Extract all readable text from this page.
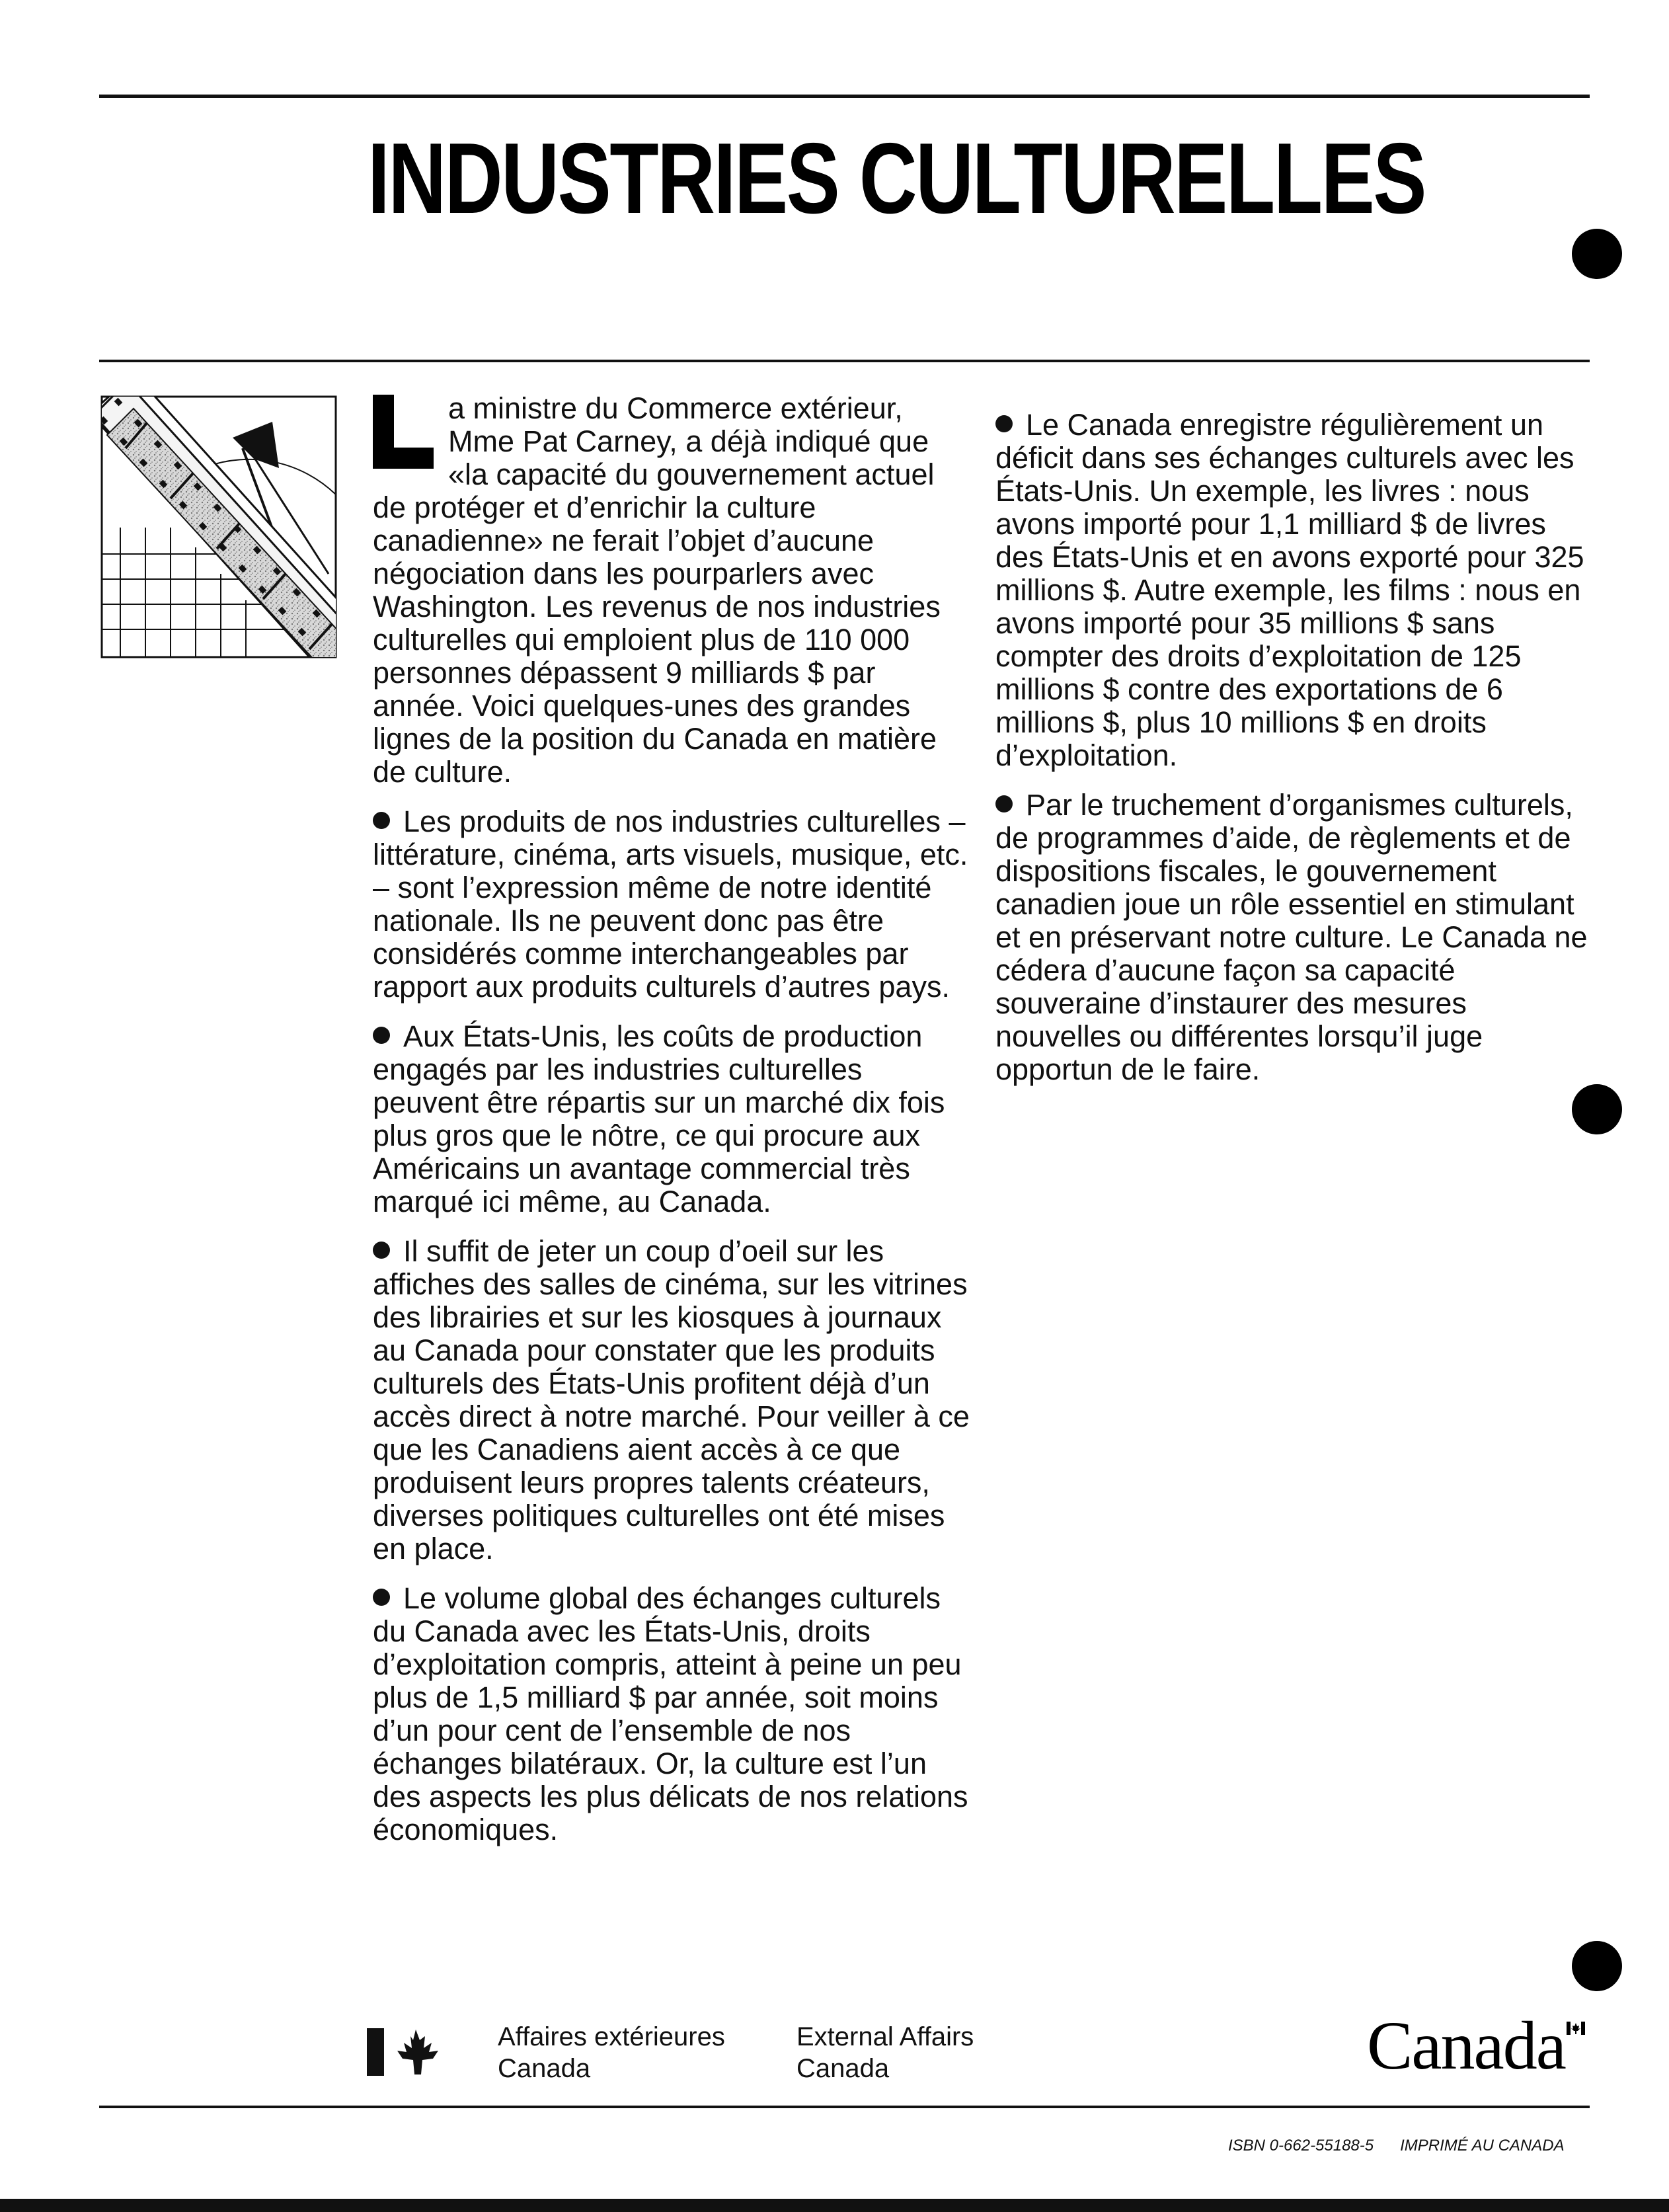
INDUSTRIES CULTURELLES

a ministre du Commerce extérieur, Mme Pat Carney, a déjà indiqué que «la capacité du gouvernement actuel de protéger et d’enrichir la culture canadienne» ne ferait l’objet d’aucune négociation dans les pourparlers avec Washington. Les revenus de nos industries culturelles qui emploient plus de 110 000 personnes dépassent 9 milliards $ par année. Voici quelques-unes des grandes lignes de la position du Canada en matière de culture.

Les produits de nos industries culturelles – littérature, cinéma, arts visuels, musique, etc. – sont l’expression même de notre identité nationale. Ils ne peuvent donc pas être considérés comme interchangeables par rapport aux produits culturels d’autres pays.

Aux États-Unis, les coûts de production engagés par les industries culturelles peuvent être répartis sur un marché dix fois plus gros que le nôtre, ce qui procure aux Américains un avantage commercial très marqué ici même, au Canada.

Il suffit de jeter un coup d’oeil sur les affiches des salles de cinéma, sur les vitrines des librairies et sur les kiosques à journaux au Canada pour constater que les produits culturels des États-Unis profitent déjà d’un accès direct à notre marché. Pour veiller à ce que les Canadiens aient accès à ce que produisent leurs propres talents créateurs, diverses politiques culturelles ont été mises en place.

Le volume global des échanges culturels du Canada avec les États-Unis, droits d’exploitation compris, atteint à peine un peu plus de 1,5 milliard $ par année, soit moins d’un pour cent de l’ensemble de nos échanges bilatéraux. Or, la culture est l’un des aspects les plus délicats de nos relations économiques.

Le Canada enregistre régulièrement un déficit dans ses échanges culturels avec les États-Unis. Un exemple, les livres : nous avons importé pour 1,1 milliard $ de livres des États-Unis et en avons exporté pour 325 millions $. Autre exemple, les films : nous en avons importé pour 35 millions $ sans compter des droits d’exploitation de 125 millions $ contre des exportations de 6 millions $, plus 10 millions $ en droits d’exploitation.

Par le truchement d’organismes culturels, de programmes d’aide, de règlements et de dispositions fiscales, le gouvernement canadien joue un rôle essentiel en stimulant et en préservant notre culture. Le Canada ne cédera d’aucune façon sa capacité souveraine d’instaurer des mesures nouvelles ou différentes lorsqu’il juge opportun de le faire.

Affaires extérieures
Canada
External Affairs
Canada	Canada
ISBN 0-662-55188-5 IMPRIMÉ AU CANADA
